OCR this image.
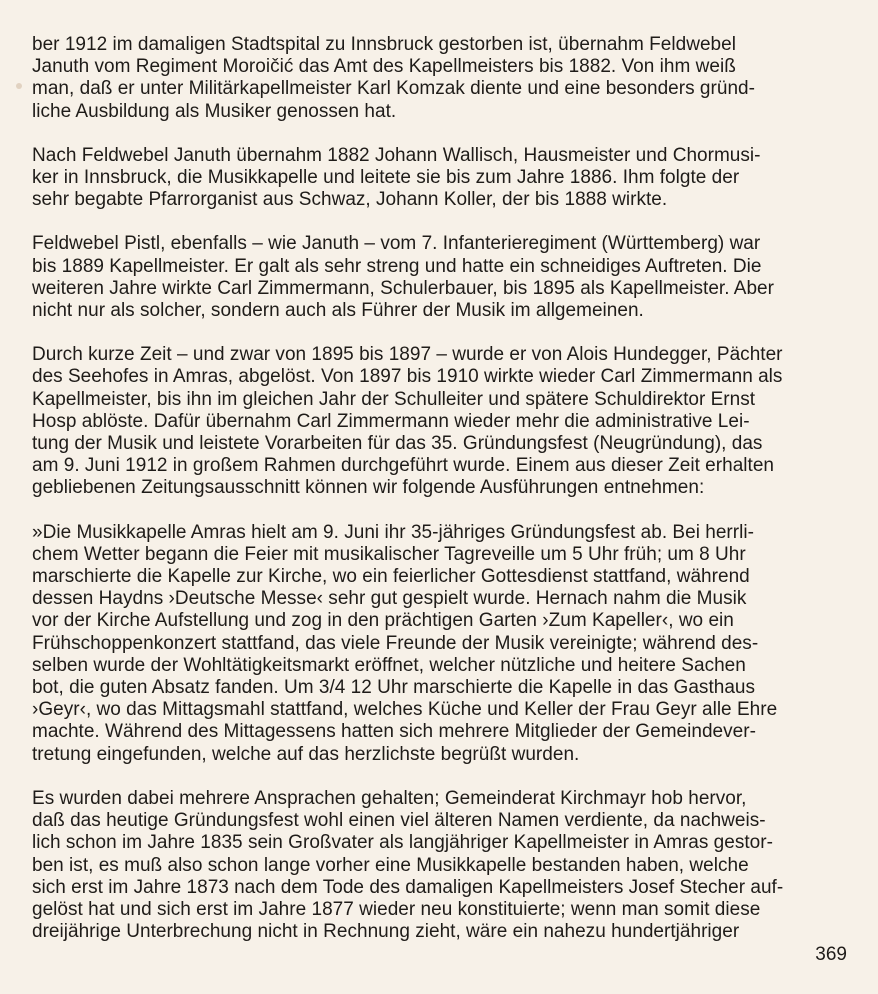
ber 1912 im damaligen Stadtspital zu Innsbruck gestorben ist, übernahm Feldwebel
Januth vom Regiment Moroičić das Amt des Kapellmeisters bis 1882. Von ihm weiß
man, daß er unter Militärkapellmeister Karl Komzak diente und eine besonders gründ-
liche Ausbildung als Musiker genossen hat.

Nach Feldwebel Januth übernahm 1882 Johann Wallisch, Hausmeister und Chormusi-
ker in Innsbruck, die Musikkapelle und leitete sie bis zum Jahre 1886. Ihm folgte der
sehr begabte Pfarrorganist aus Schwaz, Johann Koller, der bis 1888 wirkte.

Feldwebel Pistl, ebenfalls – wie Januth – vom 7. Infanterieregiment (Württemberg) war
bis 1889 Kapellmeister. Er galt als sehr streng und hatte ein schneidiges Auftreten. Die
weiteren Jahre wirkte Carl Zimmermann, Schulerbauer, bis 1895 als Kapellmeister. Aber
nicht nur als solcher, sondern auch als Führer der Musik im allgemeinen.

Durch kurze Zeit – und zwar von 1895 bis 1897 – wurde er von Alois Hundegger, Pächter
des Seehofes in Amras, abgelöst. Von 1897 bis 1910 wirkte wieder Carl Zimmermann als
Kapellmeister, bis ihn im gleichen Jahr der Schulleiter und spätere Schuldirektor Ernst
Hosp ablöste. Dafür übernahm Carl Zimmermann wieder mehr die administrative Lei-
tung der Musik und leistete Vorarbeiten für das 35. Gründungsfest (Neugründung), das
am 9. Juni 1912 in großem Rahmen durchgeführt wurde. Einem aus dieser Zeit erhalten
gebliebenen Zeitungsausschnitt können wir folgende Ausführungen entnehmen:

»Die Musikkapelle Amras hielt am 9. Juni ihr 35-jähriges Gründungsfest ab. Bei herrli-
chem Wetter begann die Feier mit musikalischer Tagreveille um 5 Uhr früh; um 8 Uhr
marschierte die Kapelle zur Kirche, wo ein feierlicher Gottesdienst stattfand, während
dessen Haydns ›Deutsche Messe‹ sehr gut gespielt wurde. Hernach nahm die Musik
vor der Kirche Aufstellung und zog in den prächtigen Garten ›Zum Kapeller‹, wo ein
Frühschoppenkonzert stattfand, das viele Freunde der Musik vereinigte; während des-
selben wurde der Wohltätigkeitsmarkt eröffnet, welcher nützliche und heitere Sachen
bot, die guten Absatz fanden. Um 3/4 12 Uhr marschierte die Kapelle in das Gasthaus
›Geyr‹, wo das Mittagsmahl stattfand, welches Küche und Keller der Frau Geyr alle Ehre
machte. Während des Mittagessens hatten sich mehrere Mitglieder der Gemeindever-
tretung eingefunden, welche auf das herzlichste begrüßt wurden.

Es wurden dabei mehrere Ansprachen gehalten; Gemeinderat Kirchmayr hob hervor,
daß das heutige Gründungsfest wohl einen viel älteren Namen verdiente, da nachweis-
lich schon im Jahre 1835 sein Großvater als langjähriger Kapellmeister in Amras gestor-
ben ist, es muß also schon lange vorher eine Musikkapelle bestanden haben, welche
sich erst im Jahre 1873 nach dem Tode des damaligen Kapellmeisters Josef Stecher auf-
gelöst hat und sich erst im Jahre 1877 wieder neu konstituierte; wenn man somit diese
dreijährige Unterbrechung nicht in Rechnung zieht, wäre ein nahezu hundertjähriger

369
